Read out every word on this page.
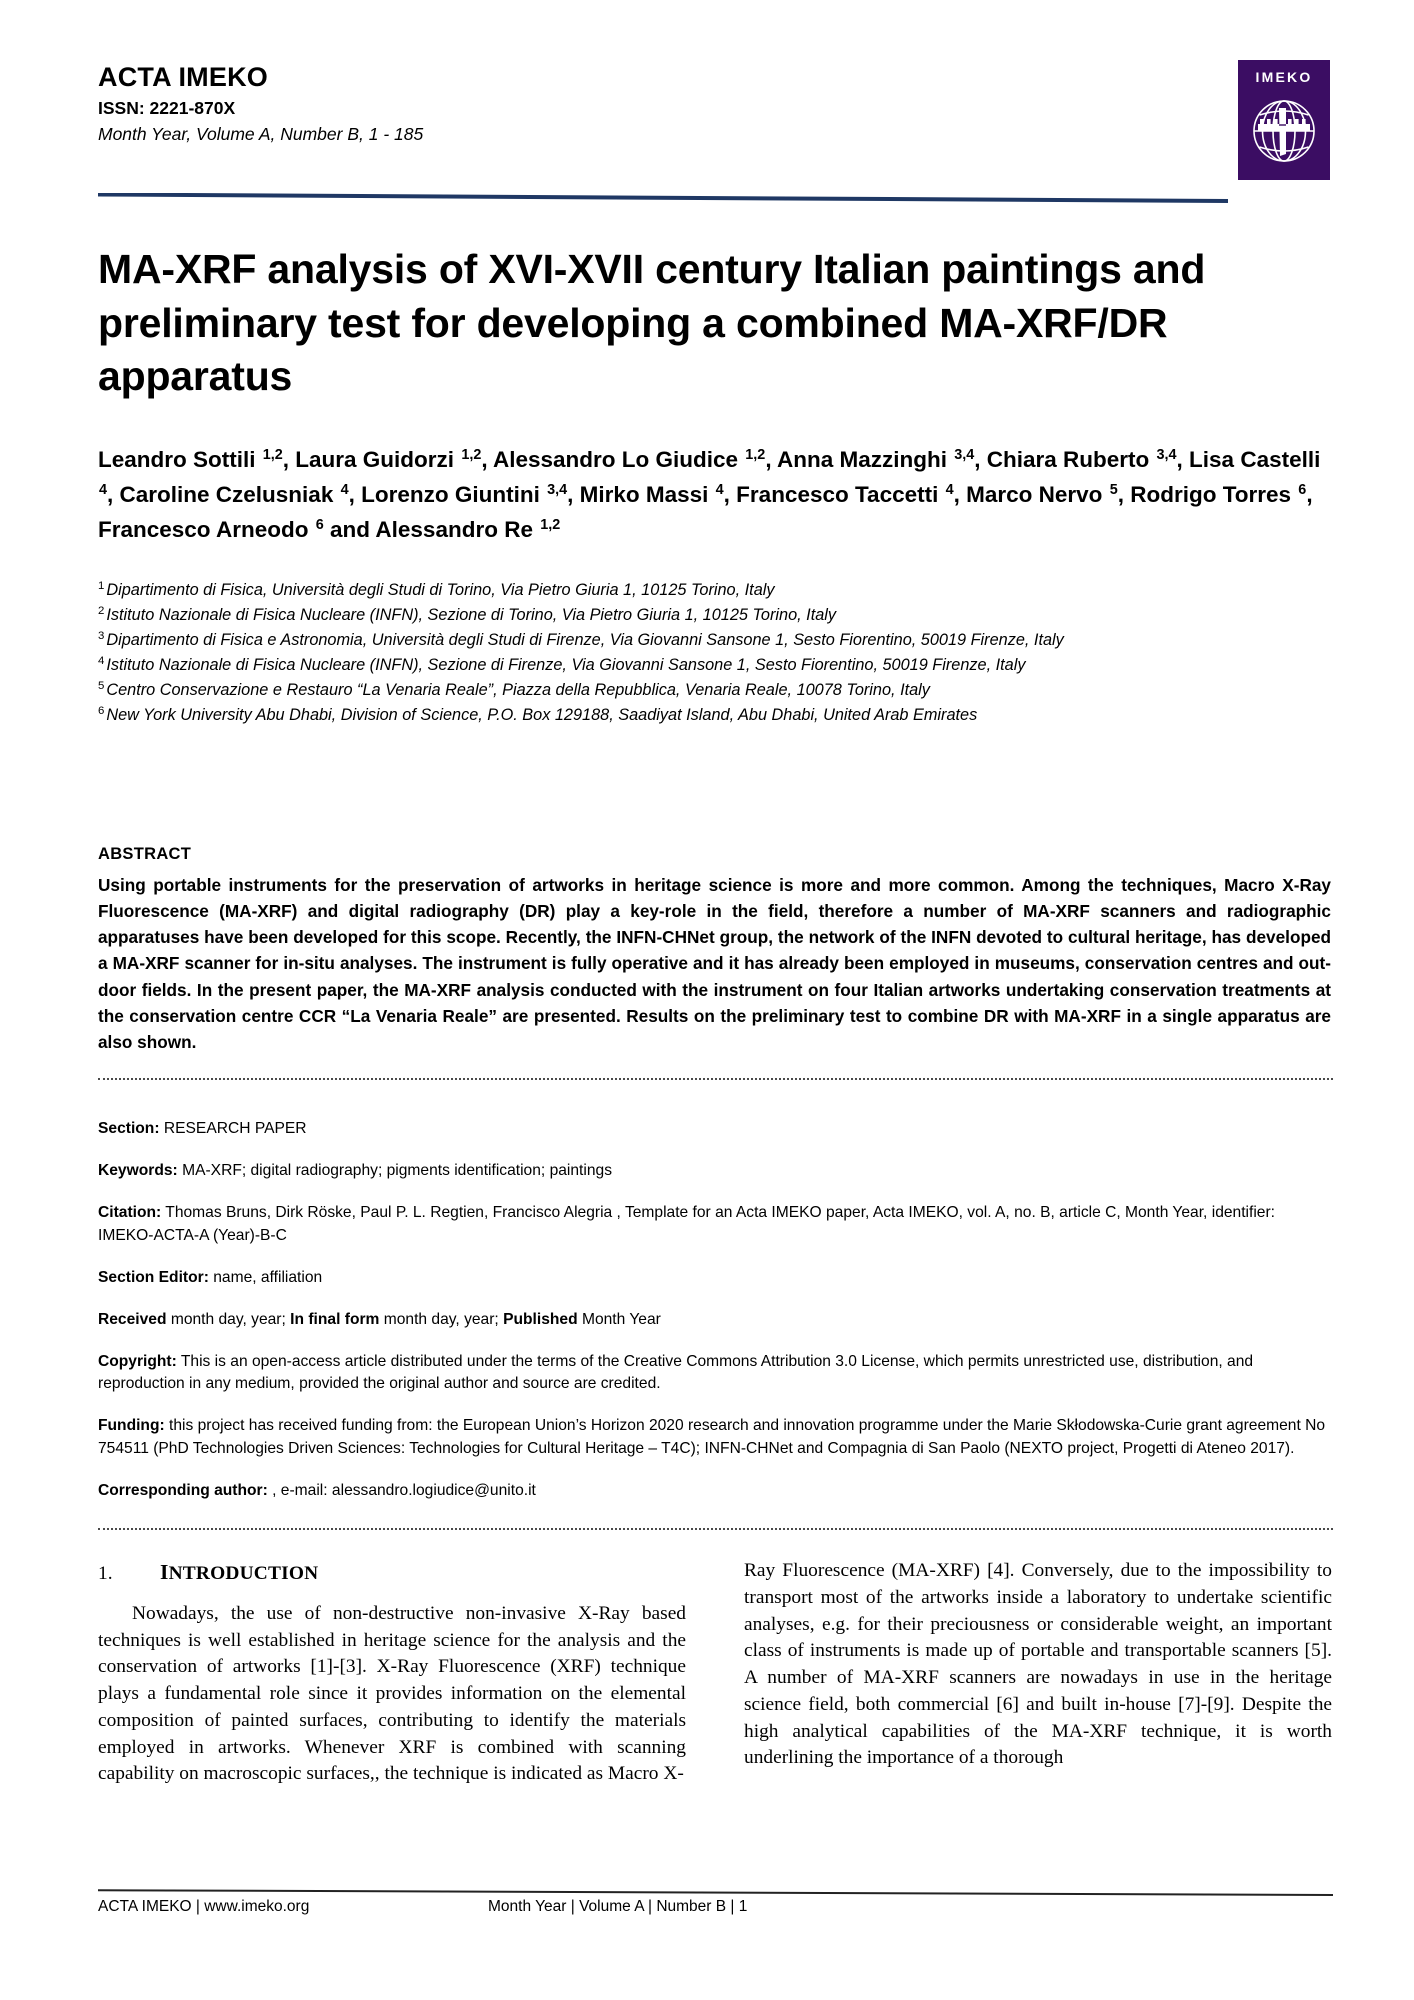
ACTA IMEKO
ISSN: 2221-870X
Month Year, Volume A, Number B, 1 - 185
IMEKO
MA-XRF analysis of XVI-XVII century Italian paintings and preliminary test for developing a combined MA-XRF/DR apparatus
Leandro Sottili $^{1,2}$, Laura Guidorzi $^{1,2}$, Alessandro Lo Giudice $^{1,2}$, Anna Mazzinghi $^{3,4}$, Chiara Ruberto $^{3,4}$, Lisa Castelli $^4$, Caroline Czelusniak $^4$, Lorenzo Giuntini $^{3,4}$, Mirko Massi $^4$, Francesco Taccetti $^4$, Marco Nervo $^5$, Rodrigo Torres $^6$, Francesco Arneodo $^6$ and Alessandro Re $^{1,2}$
$^1$ Dipartimento di Fisica, Università degli Studi di Torino, Via Pietro Giuria 1, 10125 Torino, Italy
$^2$ Istituto Nazionale di Fisica Nucleare (INFN), Sezione di Torino, Via Pietro Giuria 1, 10125 Torino, Italy
$^3$ Dipartimento di Fisica e Astronomia, Università degli Studi di Firenze, Via Giovanni Sansone 1, Sesto Fiorentino, 50019 Firenze, Italy
$^4$ Istituto Nazionale di Fisica Nucleare (INFN), Sezione di Firenze, Via Giovanni Sansone 1, Sesto Fiorentino, 50019 Firenze, Italy
$^5$ Centro Conservazione e Restauro “La Venaria Reale”, Piazza della Repubblica, Venaria Reale, 10078 Torino, Italy
$^6$ New York University Abu Dhabi, Division of Science, P.O. Box 129188, Saadiyat Island, Abu Dhabi, United Arab Emirates
ABSTRACT

Using portable instruments for the preservation of artworks in heritage science is more and more common. Among the techniques, Macro X-Ray Fluorescence (MA-XRF) and digital radiography (DR) play a key-role in the field, therefore a number of MA-XRF scanners and radiographic apparatuses have been developed for this scope. Recently, the INFN-CHNet group, the network of the INFN devoted to cultural heritage, has developed a MA-XRF scanner for in-situ analyses. The instrument is fully operative and it has already been employed in museums, conservation centres and out-door fields. In the present paper, the MA-XRF analysis conducted with the instrument on four Italian artworks undertaking conservation treatments at the conservation centre CCR “La Venaria Reale” are presented. Results on the preliminary test to combine DR with MA-XRF in a single apparatus are also shown.

Section: RESEARCH PAPER

Keywords: MA-XRF; digital radiography; pigments identification; paintings

Citation: Thomas Bruns, Dirk Röske, Paul P. L. Regtien, Francisco Alegria , Template for an Acta IMEKO paper, Acta IMEKO, vol. A, no. B, article C, Month Year, identifier: IMEKO-ACTA-A (Year)-B-C

Section Editor: name, affiliation

Received month day, year; In final form month day, year; Published Month Year

Copyright: This is an open-access article distributed under the terms of the Creative Commons Attribution 3.0 License, which permits unrestricted use, distribution, and reproduction in any medium, provided the original author and source are credited.

Funding: this project has received funding from: the European Union’s Horizon 2020 research and innovation programme under the Marie Skłodowska-Curie grant agreement No 754511 (PhD Technologies Driven Sciences: Technologies for Cultural Heritage – T4C); INFN-CHNet and Compagnia di San Paolo (NEXTO project, Progetti di Ateneo 2017).

Corresponding author: , e-mail: alessandro.logiudice@unito.it

1.	INTRODUCTION

Nowadays, the use of non-destructive non-invasive X-Ray based techniques is well established in heritage science for the analysis and the conservation of artworks [1]-[3]. X-Ray Fluorescence (XRF) technique plays a fundamental role since it provides information on the elemental composition of painted surfaces, contributing to identify the materials employed in artworks. Whenever XRF is combined with scanning capability on macroscopic surfaces,, the technique is indicated as Macro X-

Ray Fluorescence (MA-XRF) [4]. Conversely, due to the impossibility to transport most of the artworks inside a laboratory to undertake scientific analyses, e.g. for their preciousness or considerable weight, an important class of instruments is made up of portable and transportable scanners [5]. A number of MA-XRF scanners are nowadays in use in the heritage science field, both commercial [6] and built in-house [7]-[9]. Despite the high analytical capabilities of the MA-XRF technique, it is worth underlining the importance of a thorough

ACTA IMEKO | www.imeko.org	Month Year | Volume A | Number B | 1
